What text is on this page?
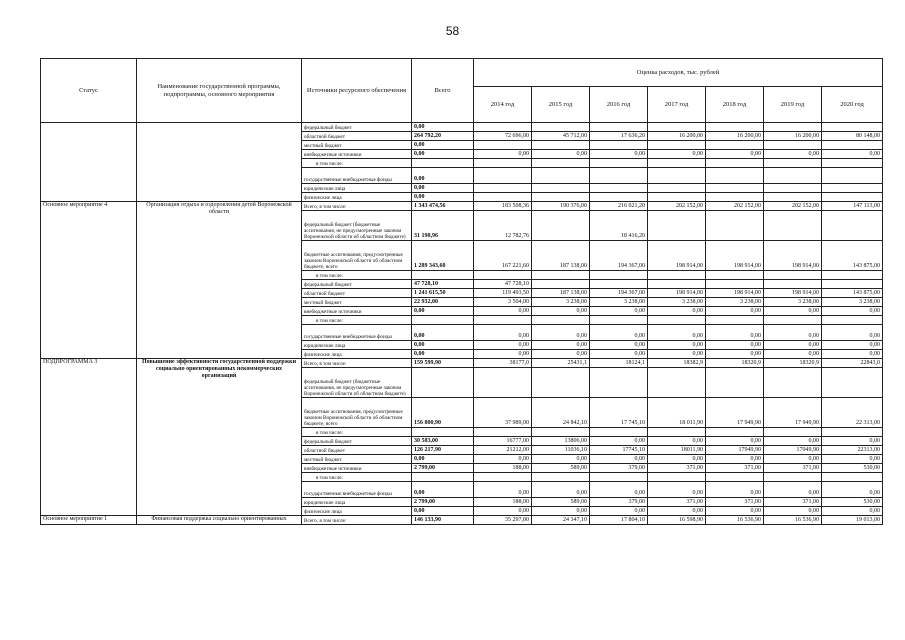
58
Статус	Наименование государственной программы, подпрограммы, основного мероприятия	Источники ресурсного обеспечения	Всего	Оценка расходов, тыс. рублей						
				2014 год	2015 год	2016 год	2017 год	2018 год	2019 год	2020 год
		федеральный бюджет	0,00							
		областной бюджет	264 792,20	72 696,00	45 712,00	17 636,20	16 200,00	16 200,00	16 200,00	80 148,00
		местный бюджет	0,00							
		внебюджетные источники	0,00	0,00	0,00	0,00	0,00	0,00	0,00	0,00
		в том числе:								
		государственные внебюджетные фонды	0,00							
		юридические лица	0,00							
		физические лица	0,00							
Основное мероприятие 4	Организация отдыха и оздоровления детей Воронежской области	Всего, в том числе:	1 343 474,56	183 508,36	190 376,00	216 021,20	202 152,00	202 152,00	202 152,00	147 113,00
		федеральный бюджет (бюджетные ассигнования, не предусмотренные законом Воронежской области об областном бюджете)	31 198,96	12 782,76		18 416,20				
		бюджетные ассигнования, предусмотренные законом Воронежской области об областном бюджете, всего	1 289 343,60	167 221,60	187 138,00	194 367,00	198 914,00	198 914,00	198 914,00	143 875,00
		в том числе:								
		федеральный бюджет	47 728,10	47 728,10						
		областной бюджет	1 241 615,50	119 493,50	187 138,00	194 367,00	198 914,00	198 914,00	198 914,00	143 875,00
		местный бюджет	22 932,00	3 504,00	3 238,00	3 238,00	3 238,00	3 238,00	3 238,00	3 238,00
		внебюджетные источники	0,00	0,00	0,00	0,00	0,00	0,00	0,00	0,00
		в том числе:								
		государственные внебюджетные фонды	0,00	0,00	0,00	0,00	0,00	0,00	0,00	0,00
		юридические лица	0,00	0,00	0,00	0,00	0,00	0,00	0,00	0,00
		физические лица	0,00	0,00	0,00	0,00	0,00	0,00	0,00	0,00
ПОДПРОГРАММА 3	Повышение эффективности государственной поддержки социально ориентированных некоммерческих организаций	Всего, в том числе:	159 599,90	38177,0	25431,1	18124,1	18382,9	18320,9	18320,9	22843,0
		федеральный бюджет (бюджетные ассигнования, не предусмотренные законом Воронежской области об областном бюджете)								
		бюджетные ассигнования, предусмотренные законом Воронежской области об областном бюджете, всего	156 800,90	37 989,00	24 842,10	17 745,10	18 011,90	17 949,90	17 949,90	22 313,00
		в том числе:								
		федеральный бюджет	30 583,00	16777,00	13806,00	0,00	0,00	0,00	0,00	0,00
		областной бюджет	126 217,90	21212,00	11036,10	17745,10	18011,90	17949,90	17949,90	22313,00
		местный бюджет	0,00	0,00	0,00	0,00	0,00	0,00	0,00	0,00
		внебюджетные источники	2 799,00	188,00	589,00	379,00	371,00	371,00	371,00	530,00
		в том числе:								
		государственные внебюджетные фонды	0,00	0,00	0,00	0,00	0,00	0,00	0,00	0,00
		юридические лица	2 799,00	188,00	589,00	379,00	371,00	371,00	371,00	530,00
		физические лица	0,00	0,00	0,00	0,00	0,00	0,00	0,00	0,00
Основное мероприятие 1	Финансовая поддержка социально ориентированных	Всего, в том числе:	146 133,90	35 297,00	24 347,10	17 804,10	16 598,90	16 536,90	16 536,90	19 013,00
